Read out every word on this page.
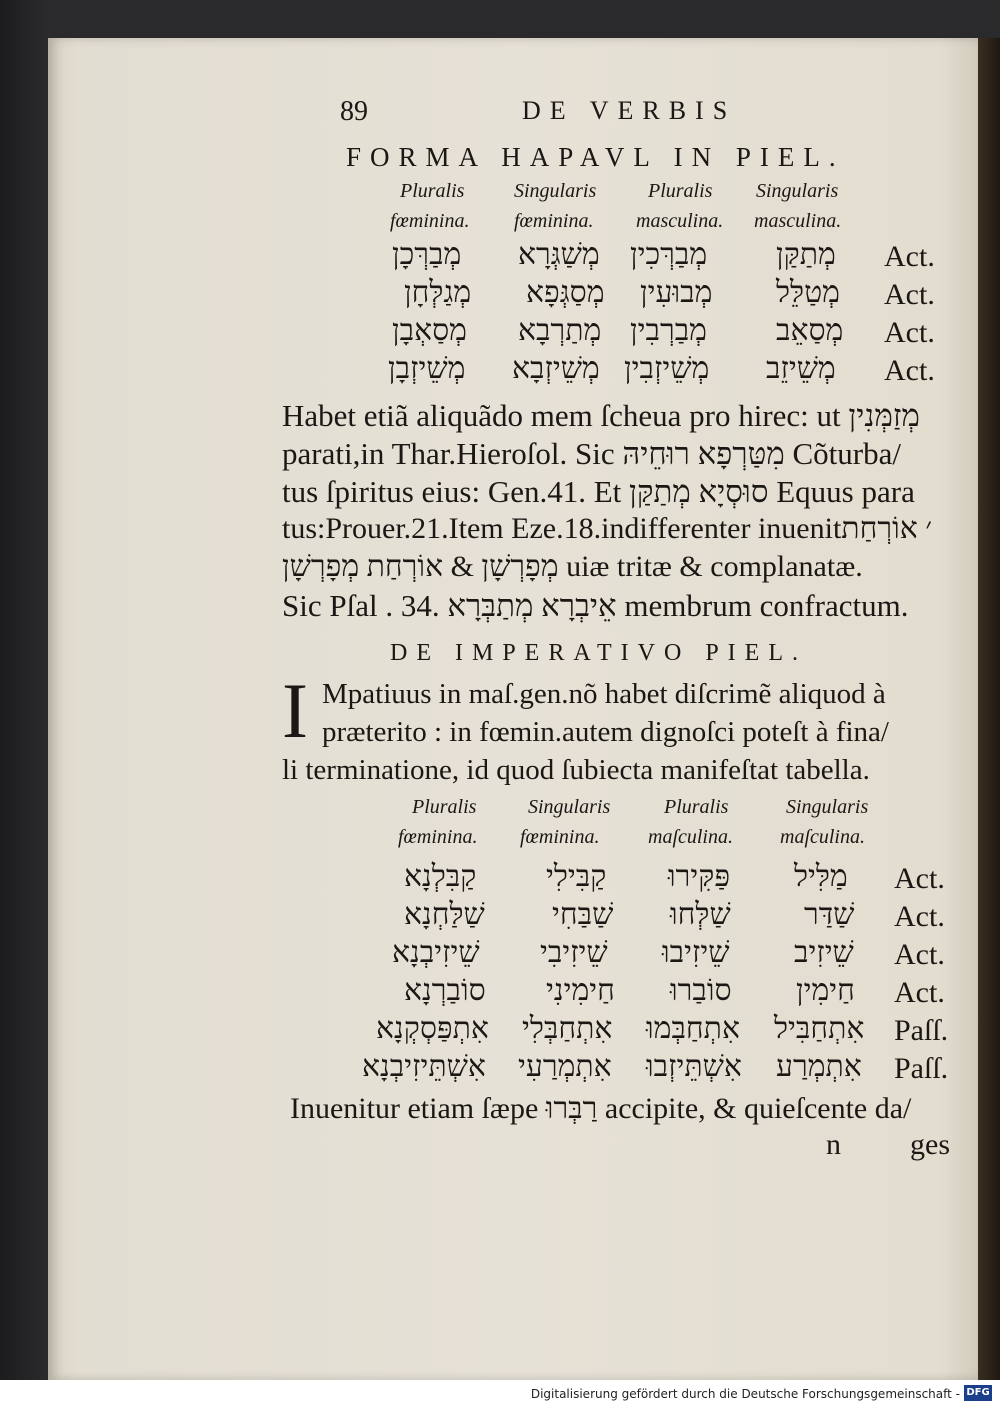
89	DE VERBIS
FORMA HAPAVL IN PIEL.
Pluralis
fœminina.
Singularis
fœminina.
Pluralis
masculina.
Singularis
masculina.
מְבַרְּכָן מְשַׁגְּרָא מְבַרְּכִין מְתַקַּן Act.
מְגַלְּחָן מְסַגְּפָא מְבוּעִין מְטַלֵּל Act.
מְסַאְבָן מְתַרְבָא מְבַרְבִין מְסַאֵב Act.
מְשֵׁיזְבָן מְשֵׁיזְבָא מְשֵׁיזְבִין מְשֵׁיזֵב Act.
Habet etiã aliquãdo mem ſcheua pro hirec: ut מְזַמְּנִין
parati,in Thar.Hieroſol. Sic מִטַּרְפָא רוּחֵיהּ Cõturba/
tus ſpiritus eius: Gen.41. Et סוּסְיָא מְתַקַּן Equus para
tus:Prouer.21.Item Eze.18.indifferenter inuenit׳ אוֹרְחַת
מְפָרְשָׁן & אוֹרְחַת מְפָרְשָׁן uiæ tritæ & complanatæ.
Sic Pſal . 34. אֵיבְרָא מְתַבְּרָא membrum confractum.
DE IMPERATIVO PIEL.
I Mpatiuus in maſ.gen.nõ habet diſcrimẽ aliquod à
præterito : in fœmin.autem dignoſci poteſt à fina/
li terminatione, id quod ſubiecta manifeſtat tabella.
Pluralis
fœminina.
Singularis
fœminina.
Pluralis
maſculina.
Singularis
maſculina.
קַבִּלְנָא קַבִּילִי פַּקִּירוּ מַלִּיל Act.
שַׁלַּחְנָא שַׁבַּחִי שַׁלְּחוּ שַׁדַּר Act.
שֵׁיזִיבְנָא שֵׁיזִיבִי שֵׁיזִיבוּ שֵׁיזִיב Act.
סוֹבַרְנָא חַימִינִי סוֹבַרוּ חַימִין Act.
אִתְפַּסְקְנָא אִתְחַבְּלִי אִתְחַבְּמוּ אִתְחַבִּיל Paſſ.
אִשְׁתֵּיזִיבְנָא אִתְמְרַעִי אִשְׁתֵּיזְבוּ אִתְמְרַע Paſſ.
Inuenitur etiam ſæpe רַבְּרוּ accipite, & quieſcente da/
n ges
Digitalisierung gefördert durch die Deutsche Forschungsgemeinschaft - DFG
